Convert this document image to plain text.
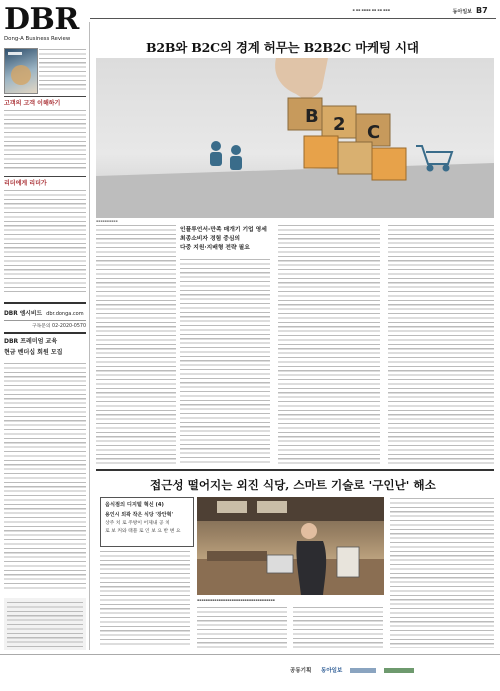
동아일보 B7
▪ ▪▪ ▪▪▪▪ ▪▪ ▪▪ ▪▪▪
DBR
Dong-A Business Review
고객의 고객 이해하기
리더에게 리더가
DBR 엠시비드 dbr.donga.com
구독문의 02-2020-0570
DBR 프레미엄 교육
현금 벤더십 회원 모집
B2B와 B2C의 경계 허무는 B2B2C 마케팅 시대
B 2 C
▪▪▪▪▪▪▪▪▪▪
인플루언서-만족 매개기 기업 영세
최종소비자 경험 중심의
다중 지원·지배형 전략 필요
접근성 떨어지는 외진 식당, 스마트 기술로 '구인난' 해소
음식점의 디지털 혁신 (4)
용인시 외곽 작은 식당 '장안혁'
상주 치 로 주방이 어제내 공 치
로 보 커와 태블 로 인 보 요 반 변 요
▪▪▪▪▪▪▪▪▪▪▪▪▪▪▪▪▪▪▪▪▪▪▪▪▪▪▪▪▪▪▪▪▪▪▪▪
공동기획 동아일보
